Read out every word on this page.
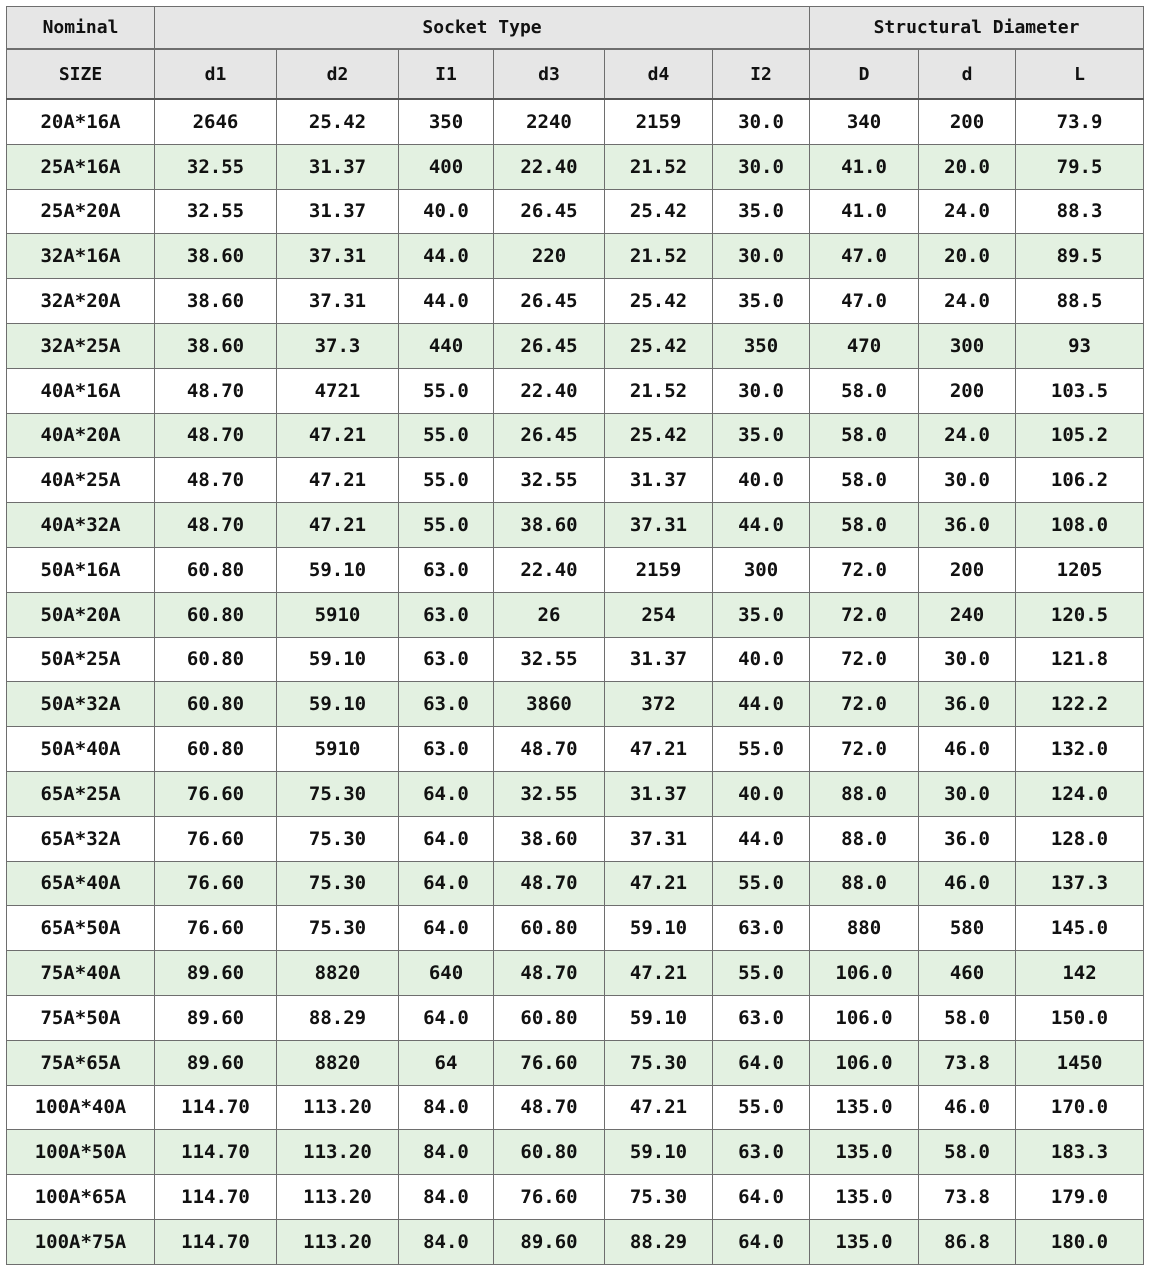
Nominal	Socket Type						Structural Diameter		
SIZE	d1	d2	I1	d3	d4	I2	D	d	L
20A*16A	2646	25.42	350	2240	2159	30.0	340	200	73.9
25A*16A	32.55	31.37	400	22.40	21.52	30.0	41.0	20.0	79.5
25A*20A	32.55	31.37	40.0	26.45	25.42	35.0	41.0	24.0	88.3
32A*16A	38.60	37.31	44.0	220	21.52	30.0	47.0	20.0	89.5
32A*20A	38.60	37.31	44.0	26.45	25.42	35.0	47.0	24.0	88.5
32A*25A	38.60	37.3	440	26.45	25.42	350	470	300	93
40A*16A	48.70	4721	55.0	22.40	21.52	30.0	58.0	200	103.5
40A*20A	48.70	47.21	55.0	26.45	25.42	35.0	58.0	24.0	105.2
40A*25A	48.70	47.21	55.0	32.55	31.37	40.0	58.0	30.0	106.2
40A*32A	48.70	47.21	55.0	38.60	37.31	44.0	58.0	36.0	108.0
50A*16A	60.80	59.10	63.0	22.40	2159	300	72.0	200	1205
50A*20A	60.80	5910	63.0	26	254	35.0	72.0	240	120.5
50A*25A	60.80	59.10	63.0	32.55	31.37	40.0	72.0	30.0	121.8
50A*32A	60.80	59.10	63.0	3860	372	44.0	72.0	36.0	122.2
50A*40A	60.80	5910	63.0	48.70	47.21	55.0	72.0	46.0	132.0
65A*25A	76.60	75.30	64.0	32.55	31.37	40.0	88.0	30.0	124.0
65A*32A	76.60	75.30	64.0	38.60	37.31	44.0	88.0	36.0	128.0
65A*40A	76.60	75.30	64.0	48.70	47.21	55.0	88.0	46.0	137.3
65A*50A	76.60	75.30	64.0	60.80	59.10	63.0	880	580	145.0
75A*40A	89.60	8820	640	48.70	47.21	55.0	106.0	460	142
75A*50A	89.60	88.29	64.0	60.80	59.10	63.0	106.0	58.0	150.0
75A*65A	89.60	8820	64	76.60	75.30	64.0	106.0	73.8	1450
100A*40A	114.70	113.20	84.0	48.70	47.21	55.0	135.0	46.0	170.0
100A*50A	114.70	113.20	84.0	60.80	59.10	63.0	135.0	58.0	183.3
100A*65A	114.70	113.20	84.0	76.60	75.30	64.0	135.0	73.8	179.0
100A*75A	114.70	113.20	84.0	89.60	88.29	64.0	135.0	86.8	180.0
